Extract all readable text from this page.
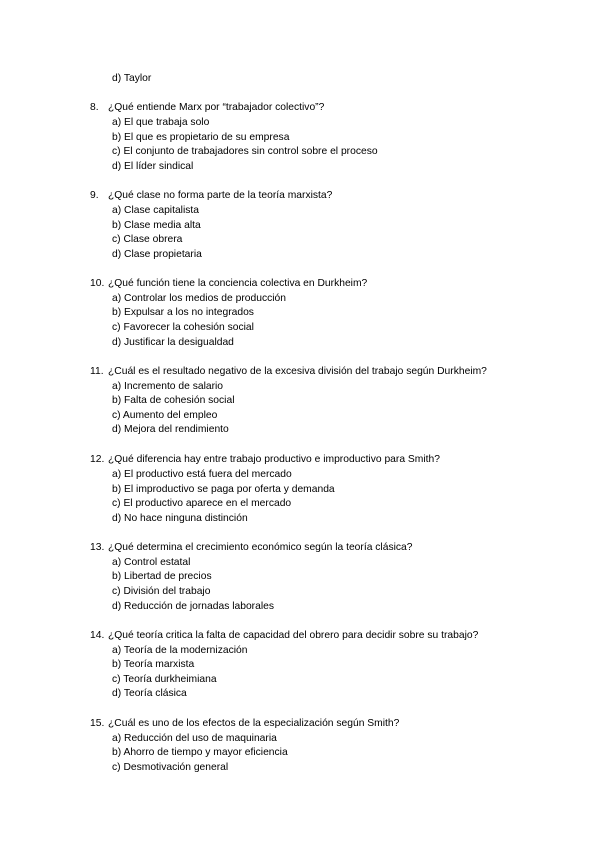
d) Taylor
8. ¿Qué entiende Marx por “trabajador colectivo”?
a) El que trabaja solo
b) El que es propietario de su empresa
c) El conjunto de trabajadores sin control sobre el proceso
d) El líder sindical
9. ¿Qué clase no forma parte de la teoría marxista?
a) Clase capitalista
b) Clase media alta
c) Clase obrera
d) Clase propietaria
10. ¿Qué función tiene la conciencia colectiva en Durkheim?
a) Controlar los medios de producción
b) Expulsar a los no integrados
c) Favorecer la cohesión social
d) Justificar la desigualdad
11. ¿Cuál es el resultado negativo de la excesiva división del trabajo según Durkheim?
a) Incremento de salario
b) Falta de cohesión social
c) Aumento del empleo
d) Mejora del rendimiento
12. ¿Qué diferencia hay entre trabajo productivo e improductivo para Smith?
a) El productivo está fuera del mercado
b) El improductivo se paga por oferta y demanda
c) El productivo aparece en el mercado
d) No hace ninguna distinción
13. ¿Qué determina el crecimiento económico según la teoría clásica?
a) Control estatal
b) Libertad de precios
c) División del trabajo
d) Reducción de jornadas laborales
14. ¿Qué teoría critica la falta de capacidad del obrero para decidir sobre su trabajo?
a) Teoría de la modernización
b) Teoría marxista
c) Teoría durkheimiana
d) Teoría clásica
15. ¿Cuál es uno de los efectos de la especialización según Smith?
a) Reducción del uso de maquinaria
b) Ahorro de tiempo y mayor eficiencia
c) Desmotivación general
